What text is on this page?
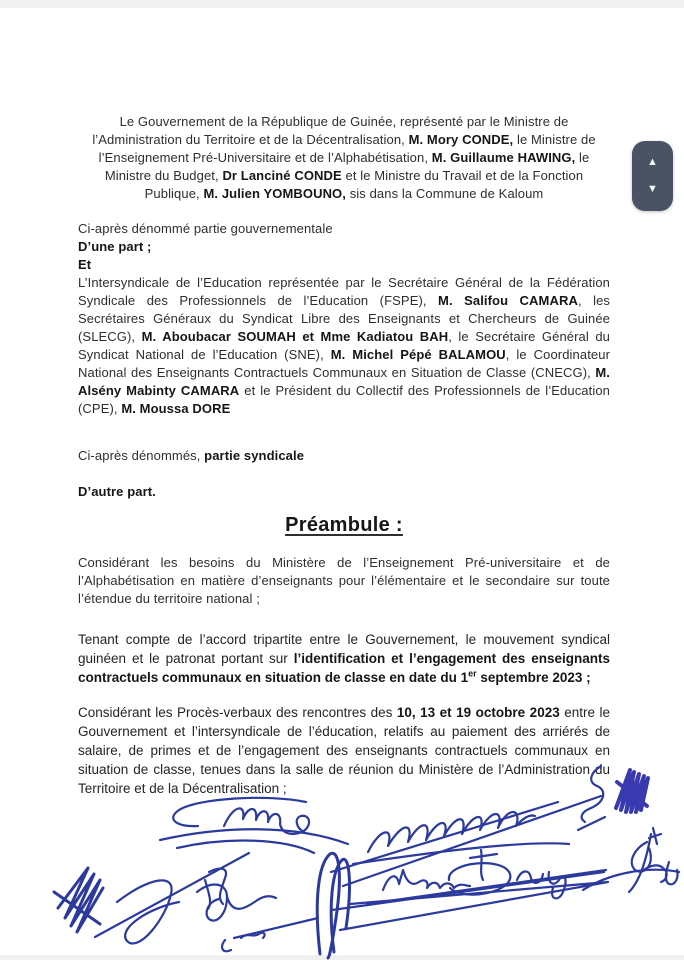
Le Gouvernement de la République de Guinée, représenté par le Ministre de l’Administration du Territoire et de la Décentralisation, M. Mory CONDE, le Ministre de l’Enseignement Pré-Universitaire et de l’Alphabétisation, M. Guillaume HAWING, le Ministre du Budget, Dr Lanciné CONDE et le Ministre du Travail et de la Fonction Publique, M. Julien YOMBOUNO, sis dans la Commune de Kaloum

Ci-après dénommé partie gouvernementale

D’une part ;

Et

L’Intersyndicale de l’Education représentée par le Secrétaire Général de la Fédération Syndicale des Professionnels de l’Education (FSPE), M. Salifou CAMARA, les Secrétaires Généraux du Syndicat Libre des Enseignants et Chercheurs de Guinée (SLECG), M. Aboubacar SOUMAH et Mme Kadiatou BAH, le Secrétaire Général du Syndicat National de l’Education (SNE), M. Michel Pépé BALAMOU, le Coordinateur National des Enseignants Contractuels Communaux en Situation de Classe (CNECG), M. Alsény Mabinty CAMARA et le Président du Collectif des Professionnels de l’Education (CPE), M. Moussa DORE

Ci-après dénommés, partie syndicale

D’autre part.

Préambule :

Considérant les besoins du Ministère de l’Enseignement Pré-universitaire et de l’Alphabétisation en matière d’enseignants pour l’élémentaire et le secondaire sur toute l’étendue du territoire national ;

Tenant compte de l’accord tripartite entre le Gouvernement, le mouvement syndical guinéen et le patronat portant sur l’identification et l’engagement des enseignants contractuels communaux en situation de classe en date du 1er septembre 2023 ;

Considérant les Procès-verbaux des rencontres des 10, 13 et 19 octobre 2023 entre le Gouvernement et l’intersyndicale de l’éducation, relatifs au paiement des arriérés de salaire, de primes et de l’engagement des enseignants contractuels communaux en situation de classe, tenues dans la salle de réunion du Ministère de l’Administration du Territoire et de la Décentralisation ;

▲
▼
